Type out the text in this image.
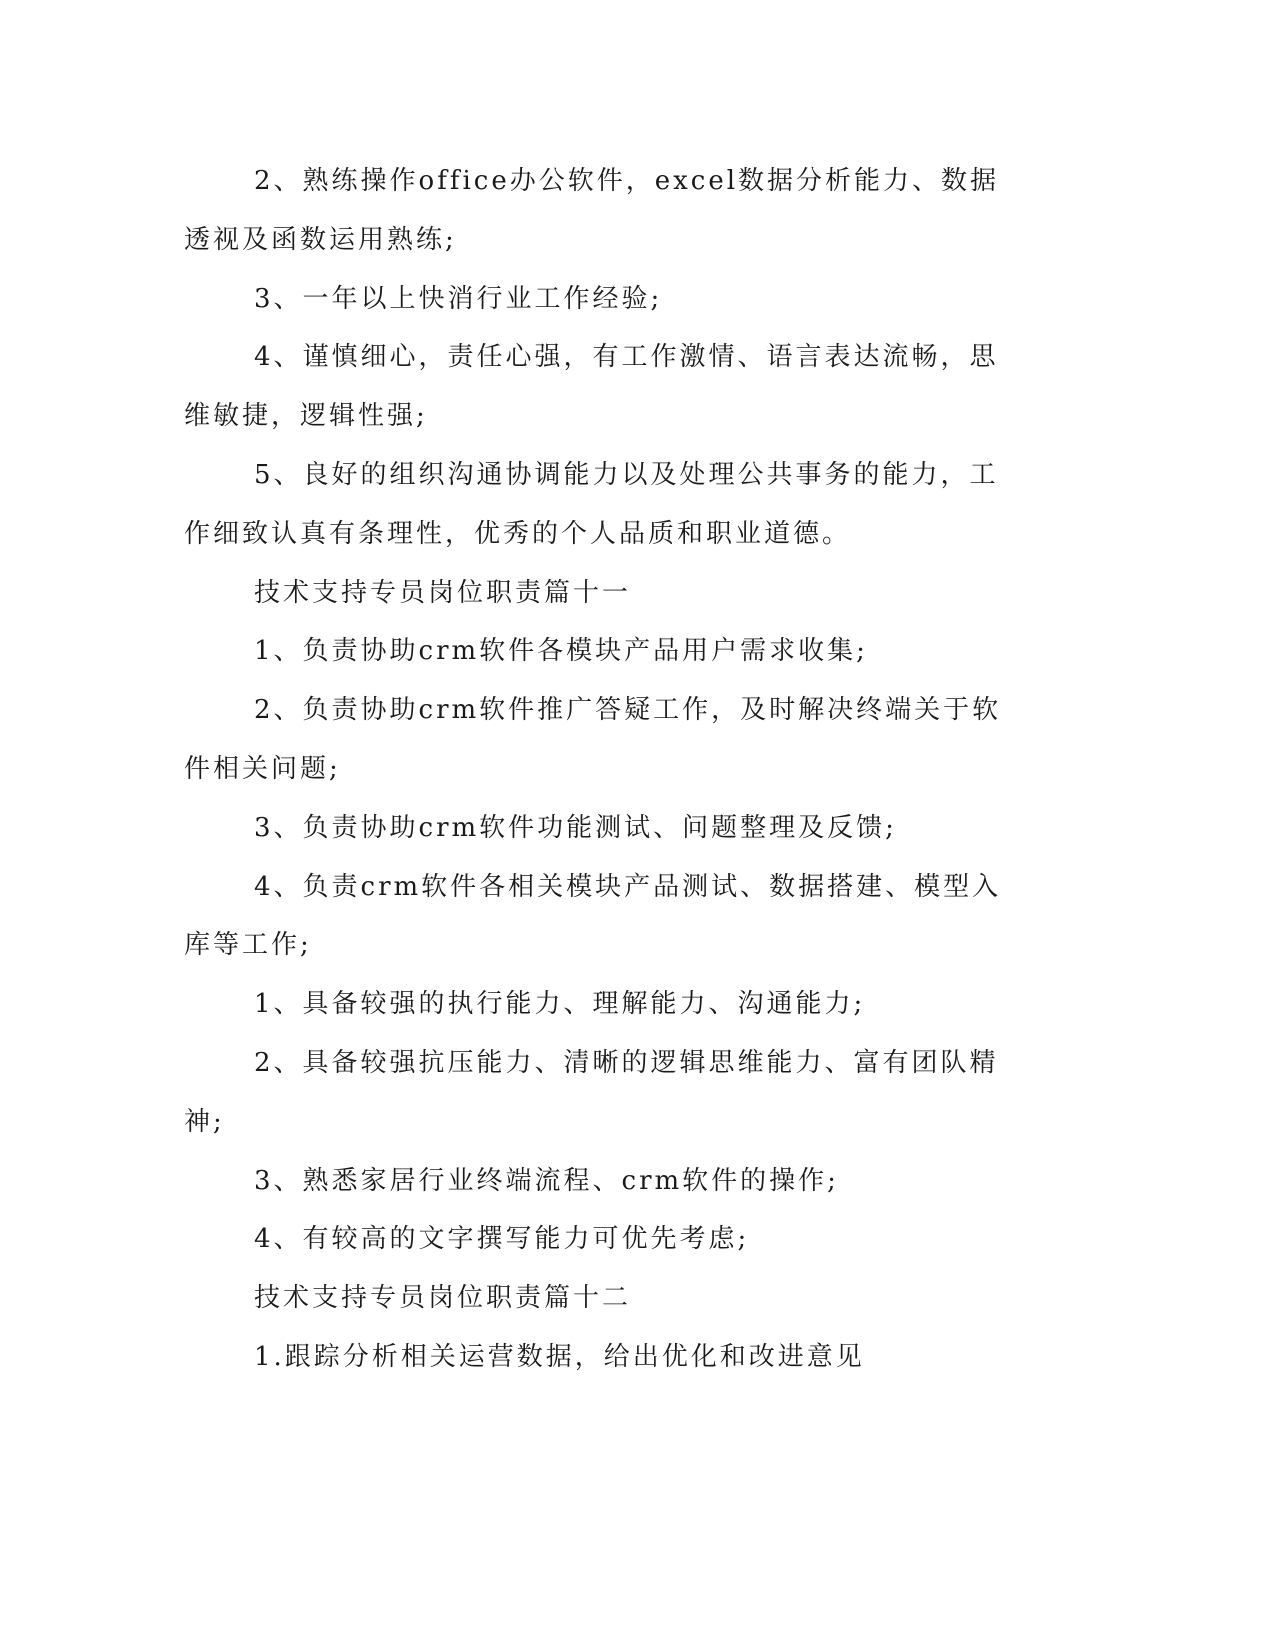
2、熟练操作office办公软件，excel数据分析能力、数据透视及函数运用熟练;

3、一年以上快消行业工作经验;

4、谨慎细心，责任心强，有工作激情、语言表达流畅，思维敏捷，逻辑性强;

5、良好的组织沟通协调能力以及处理公共事务的能力，工作细致认真有条理性，优秀的个人品质和职业道德。

技术支持专员岗位职责篇十一

1、负责协助crm软件各模块产品用户需求收集;

2、负责协助crm软件推广答疑工作，及时解决终端关于软件相关问题;

3、负责协助crm软件功能测试、问题整理及反馈;

4、负责crm软件各相关模块产品测试、数据搭建、模型入库等工作;

1、具备较强的执行能力、理解能力、沟通能力;

2、具备较强抗压能力、清晰的逻辑思维能力、富有团队精神;

3、熟悉家居行业终端流程、crm软件的操作;

4、有较高的文字撰写能力可优先考虑;

技术支持专员岗位职责篇十二

1.跟踪分析相关运营数据，给出优化和改进意见
